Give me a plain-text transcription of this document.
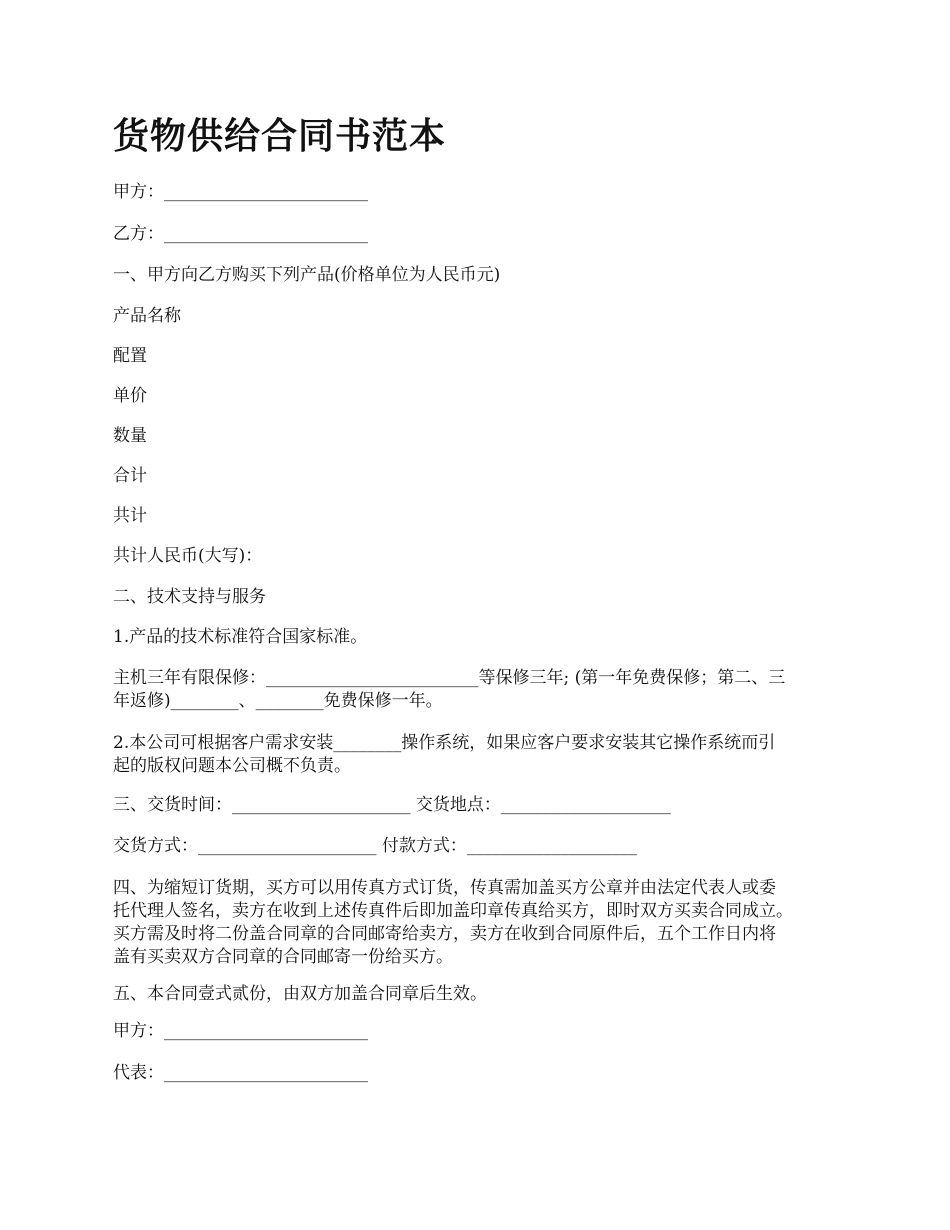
货物供给合同书范本

甲方：________________________

乙方：________________________

一、甲方向乙方购买下列产品(价格单位为人民币元)

产品名称

配置

单价

数量

合计

共计

共计人民币(大写)：

二、技术支持与服务

1.产品的技术标准符合国家标准。

主机三年有限保修：_________________________等保修三年; (第一年免费保修；第二、三
年返修)________、________免费保修一年。
2.本公司可根据客户需求安装________操作系统，如果应客户要求安装其它操作系统而引
起的版权问题本公司概不负责。

三、交货时间：_____________________ 交货地点：____________________

交货方式：_____________________ 付款方式：____________________

四、为缩短订货期，买方可以用传真方式订货，传真需加盖买方公章并由法定代表人或委
托代理人签名，卖方在收到上述传真件后即加盖印章传真给买方，即时双方买卖合同成立。
买方需及时将二份盖合同章的合同邮寄给卖方，卖方在收到合同原件后，五个工作日内将
盖有买卖双方合同章的合同邮寄一份给买方。

五、本合同壹式贰份，由双方加盖合同章后生效。

甲方：________________________

代表：________________________
